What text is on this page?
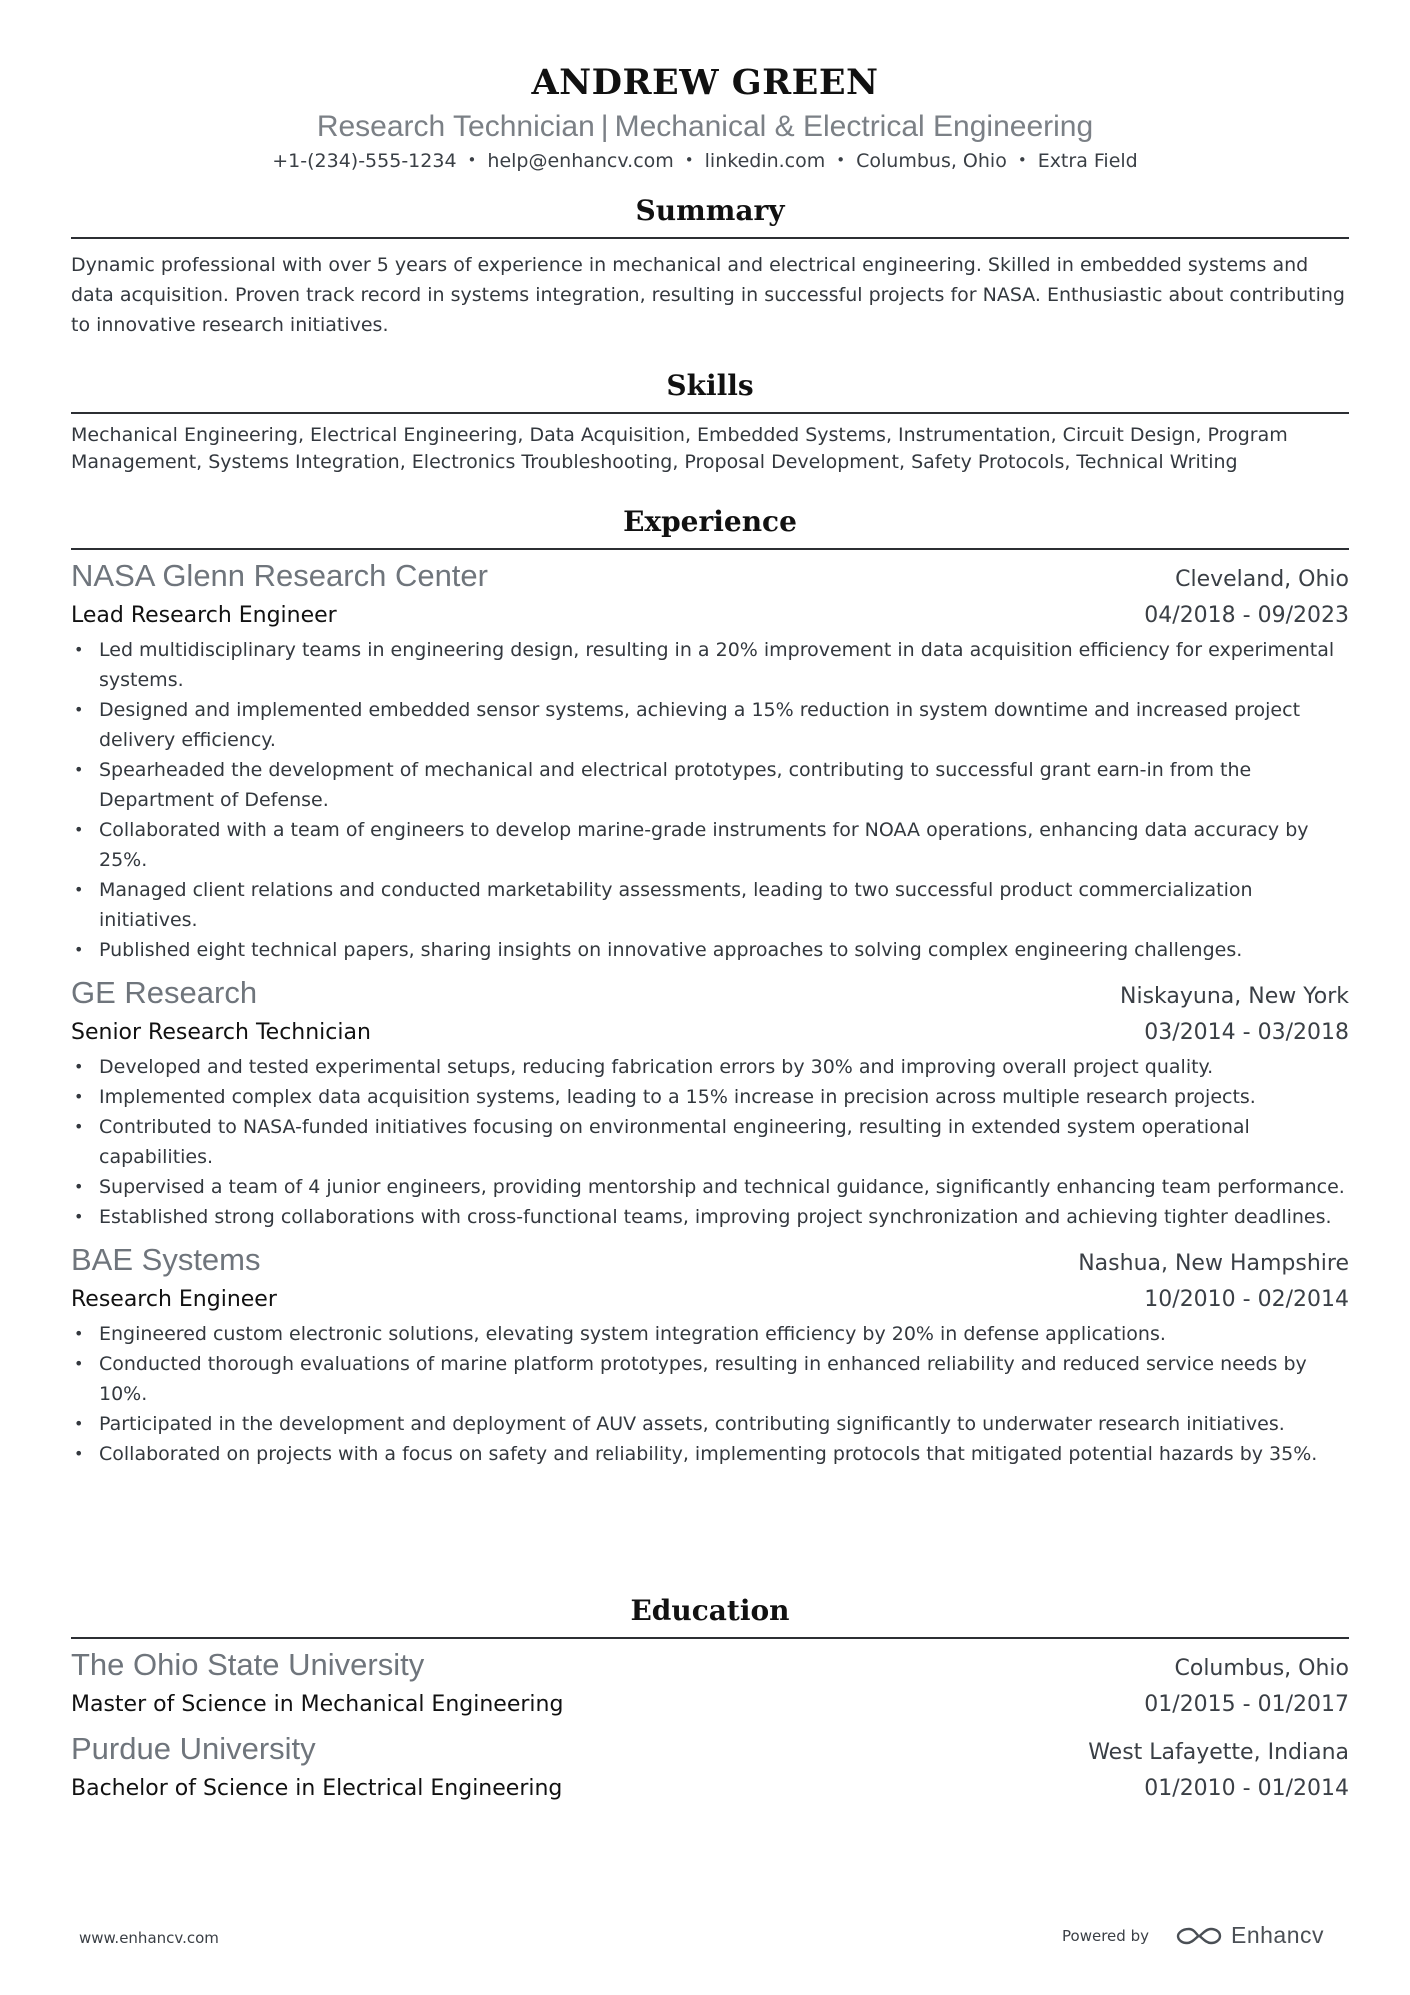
ANDREW GREEN
Research Technician | Mechanical & Electrical Engineering
+1-(234)-555-1234 • help@enhancv.com • linkedin.com • Columbus, Ohio • Extra Field
Summary
Dynamic professional with over 5 years of experience in mechanical and electrical engineering. Skilled in embedded systems and data acquisition. Proven track record in systems integration, resulting in successful projects for NASA. Enthusiastic about contributing to innovative research initiatives.
Skills
Mechanical Engineering, Electrical Engineering, Data Acquisition, Embedded Systems, Instrumentation, Circuit Design, Program Management, Systems Integration, Electronics Troubleshooting, Proposal Development, Safety Protocols, Technical Writing
Experience
NASA Glenn Research Center	Cleveland, Ohio
Lead Research Engineer	04/2018 - 09/2023
• Led multidisciplinary teams in engineering design, resulting in a 20% improvement in data acquisition efficiency for experimental systems.
• Designed and implemented embedded sensor systems, achieving a 15% reduction in system downtime and increased project delivery efficiency.
• Spearheaded the development of mechanical and electrical prototypes, contributing to successful grant earn-in from the Department of Defense.
• Collaborated with a team of engineers to develop marine-grade instruments for NOAA operations, enhancing data accuracy by 25%.
• Managed client relations and conducted marketability assessments, leading to two successful product commercialization initiatives.
• Published eight technical papers, sharing insights on innovative approaches to solving complex engineering challenges.
GE Research	Niskayuna, New York
Senior Research Technician	03/2014 - 03/2018
• Developed and tested experimental setups, reducing fabrication errors by 30% and improving overall project quality.
• Implemented complex data acquisition systems, leading to a 15% increase in precision across multiple research projects.
• Contributed to NASA-funded initiatives focusing on environmental engineering, resulting in extended system operational capabilities.
• Supervised a team of 4 junior engineers, providing mentorship and technical guidance, significantly enhancing team performance.
• Established strong collaborations with cross-functional teams, improving project synchronization and achieving tighter deadlines.
BAE Systems	Nashua, New Hampshire
Research Engineer	10/2010 - 02/2014
• Engineered custom electronic solutions, elevating system integration efficiency by 20% in defense applications.
• Conducted thorough evaluations of marine platform prototypes, resulting in enhanced reliability and reduced service needs by 10%.
• Participated in the development and deployment of AUV assets, contributing significantly to underwater research initiatives.
• Collaborated on projects with a focus on safety and reliability, implementing protocols that mitigated potential hazards by 35%.
Education
The Ohio State University	Columbus, Ohio
Master of Science in Mechanical Engineering	01/2015 - 01/2017
Purdue University	West Lafayette, Indiana
Bachelor of Science in Electrical Engineering	01/2010 - 01/2014
www.enhancv.com	Powered by	Enhancv
